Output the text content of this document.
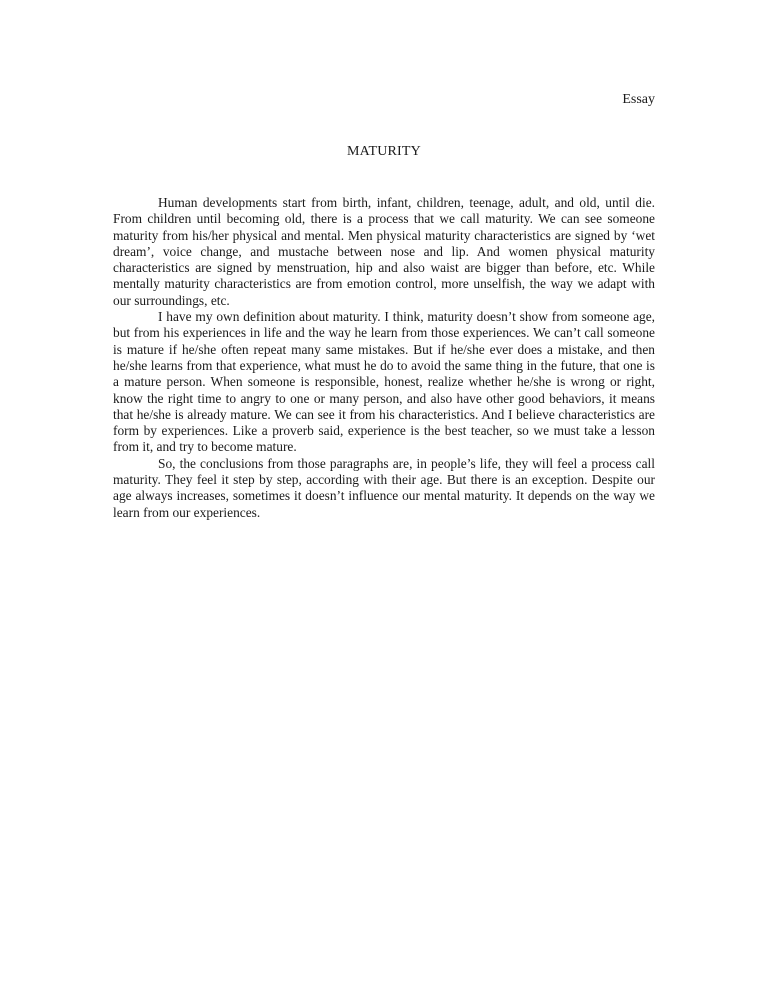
Essay
MATURITY

Human developments start from birth, infant, children, teenage, adult, and old, until die. From children until becoming old, there is a process that we call maturity. We can see someone maturity from his/her physical and mental. Men physical maturity characteristics are signed by ‘wet dream’, voice change, and mustache between nose and lip. And women physical maturity characteristics are signed by menstruation, hip and also waist are bigger than before, etc. While mentally maturity characteristics are from emotion control, more unselfish, the way we adapt with our surroundings, etc.

I have my own definition about maturity. I think, maturity doesn’t show from someone age, but from his experiences in life and the way he learn from those experiences. We can’t call someone is mature if he/she often repeat many same mistakes. But if he/she ever does a mistake, and then he/she learns from that experience, what must he do to avoid the same thing in the future, that one is a mature person. When someone is responsible, honest, realize whether he/she is wrong or right, know the right time to angry to one or many person, and also have other good behaviors, it means that he/she is already mature. We can see it from his characteristics. And I believe characteristics are form by experiences. Like a proverb said, experience is the best teacher, so we must take a lesson from it, and try to become mature.

So, the conclusions from those paragraphs are, in people’s life, they will feel a process call maturity. They feel it step by step, according with their age. But there is an exception. Despite our age always increases, sometimes it doesn’t influence our mental maturity. It depends on the way we learn from our experiences.
